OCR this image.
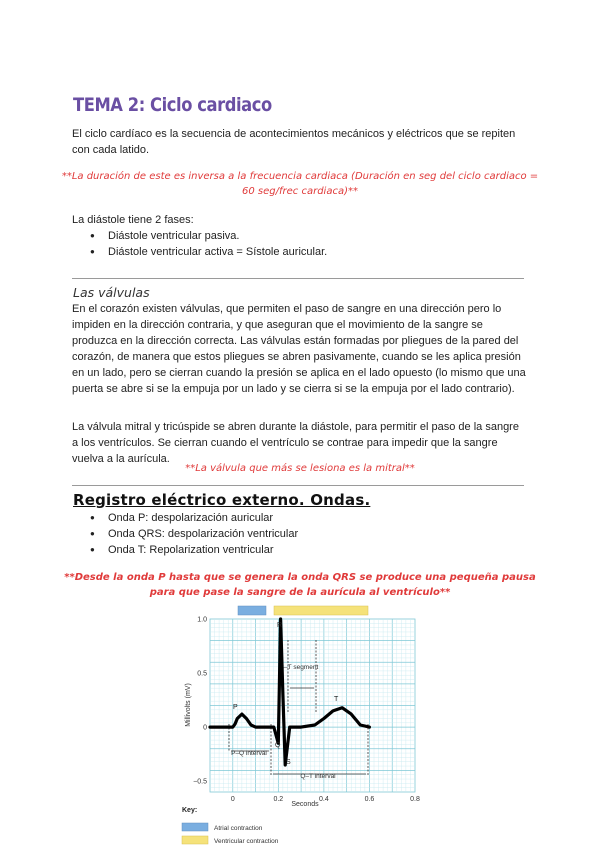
TEMA 2: Ciclo cardiaco
El ciclo cardíaco es la secuencia de acontecimientos mecánicos y eléctricos que se repiten con cada latido.
**La duración de este es inversa a la frecuencia cardiaca (Duración en seg del ciclo cardiaco = 60 seg/frec cardiaca)**
La diástole tiene 2 fases:
● Diástole ventricular pasiva.
● Diástole ventricular activa = Sístole auricular.
Las válvulas
En el corazón existen válvulas, que permiten el paso de sangre en una dirección pero lo impiden en la dirección contraria, y que aseguran que el movimiento de la sangre se produzca en la dirección correcta. Las válvulas están formadas por pliegues de la pared del corazón, de manera que estos pliegues se abren pasivamente, cuando se les aplica presión en un lado, pero se cierran cuando la presión se aplica en el lado opuesto (lo mismo que una puerta se abre si se la empuja por un lado y se cierra si se la empuja por el lado contrario).
La válvula mitral y tricúspide se abren durante la diástole, para permitir el paso de la sangre a los ventrículos. Se cierran cuando el ventrículo se contrae para impedir que la sangre vuelva a la aurícula.
**La válvula que más se lesiona es la mitral**
Registro eléctrico externo. Ondas.
● Onda P: despolarización auricular
● Onda QRS: despolarización ventricular
● Onda T: Repolarization ventricular
**Desde la onda P hasta que se genera la onda QRS se produce una pequeña pausa para que pase la sangre de la aurícula al ventrículo**
1.0
0.5
0
−0.5
0	0.2	0.4	0.6	0.8
Millivolts (mV)
Seconds
S–T segment
P–Q interval
Q–T interval
P
Q
R
S
T
Key:
Atrial contraction
Ventricular contraction
